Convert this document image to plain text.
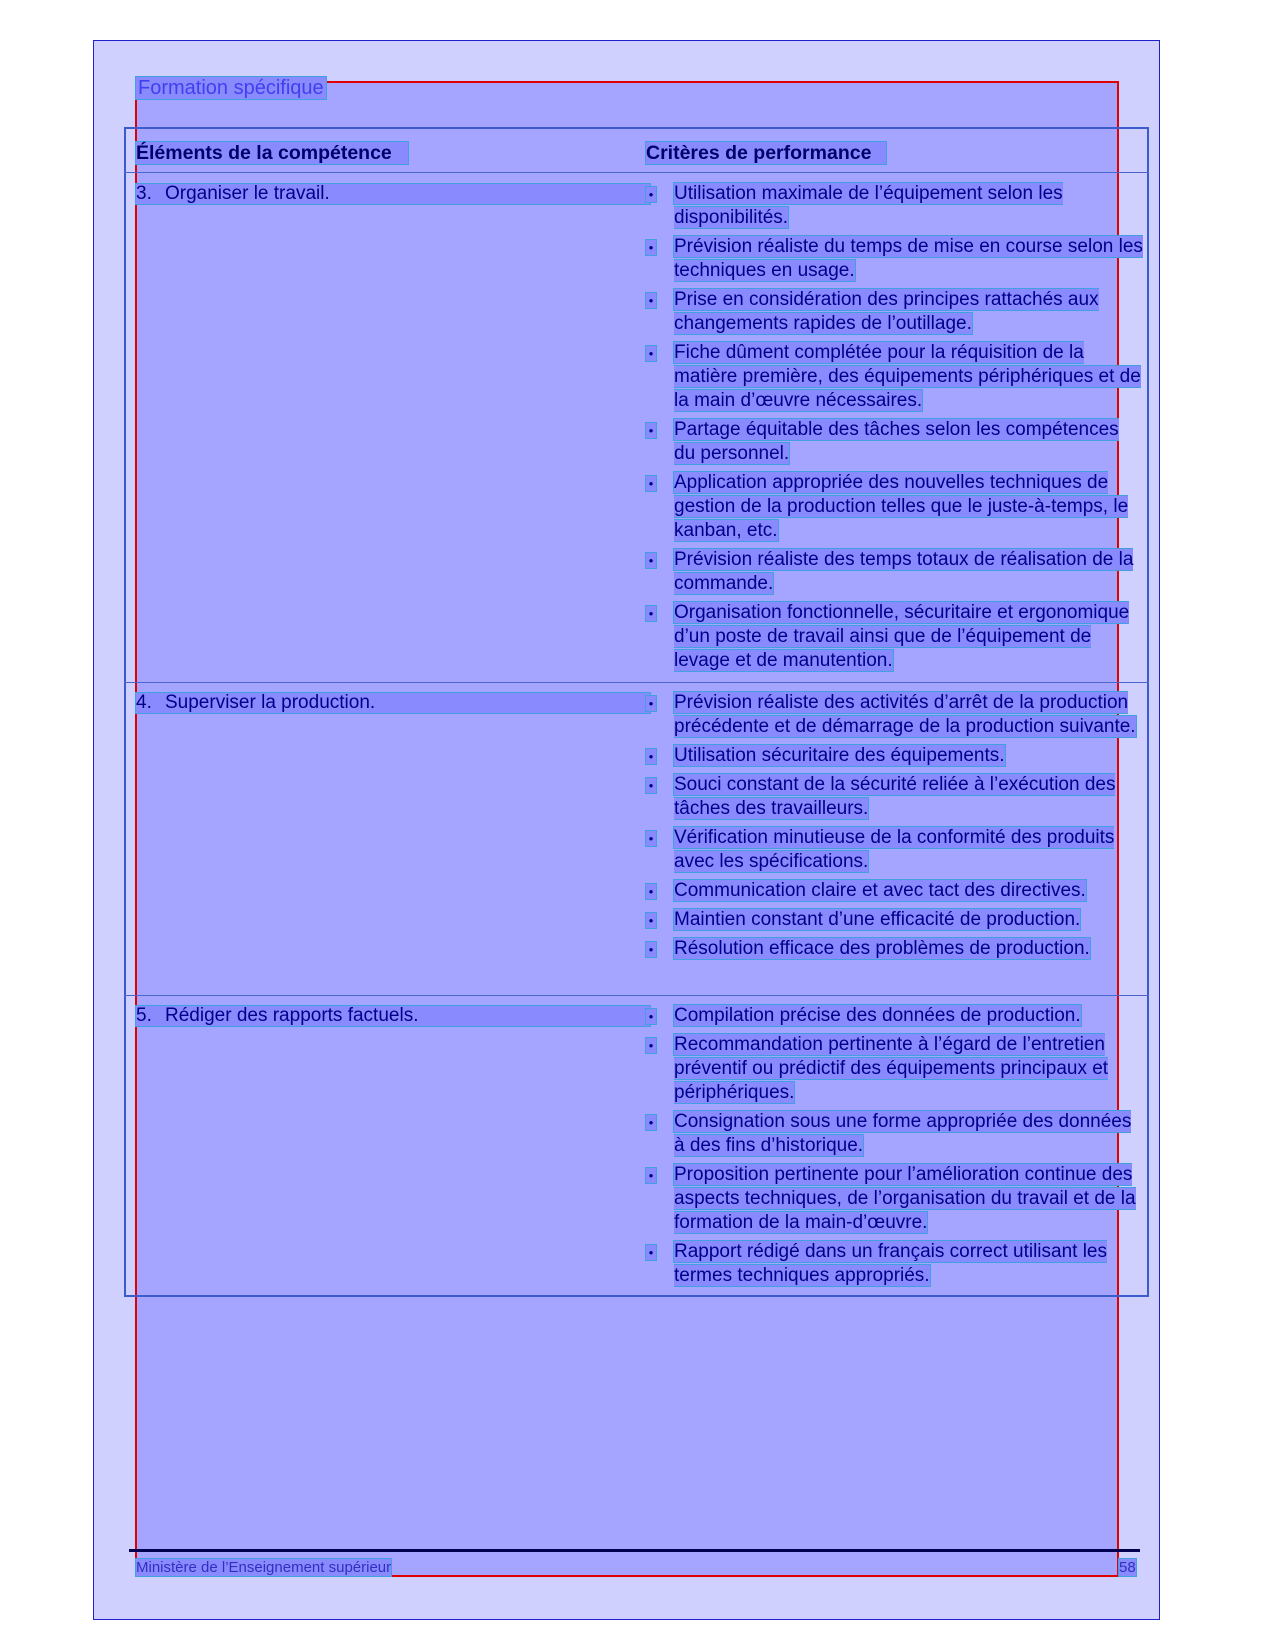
Formation spécifique
Éléments de la compétence	Critères de performance
3. Organiser le travail.	• Utilisation maximale de l’équipement selon les disponibilités.
• Prévision réaliste du temps de mise en course selon les techniques en usage.
• Prise en considération des principes rattachés aux changements rapides de l’outillage.
• Fiche dûment complétée pour la réquisition de la matière première, des équipements périphériques et de la main d’œuvre nécessaires.
• Partage équitable des tâches selon les compétences du personnel.
• Application appropriée des nouvelles techniques de gestion de la production telles que le juste-à-temps, le kanban, etc.
• Prévision réaliste des temps totaux de réalisation de la commande.
• Organisation fonctionnelle, sécuritaire et ergonomique d’un poste de travail ainsi que de l’équipement de levage et de manutention.
4. Superviser la production.	• Prévision réaliste des activités d’arrêt de la production précédente et de démarrage de la production suivante.
• Utilisation sécuritaire des équipements.
• Souci constant de la sécurité reliée à l’exécution des tâches des travailleurs.
• Vérification minutieuse de la conformité des produits avec les spécifications.
• Communication claire et avec tact des directives.
• Maintien constant d’une efficacité de production.
• Résolution efficace des problèmes de production.
5. Rédiger des rapports factuels.	• Compilation précise des données de production.
• Recommandation pertinente à l’égard de l’entretien préventif ou prédictif des équipements principaux et périphériques.
• Consignation sous une forme appropriée des données à des fins d’historique.
• Proposition pertinente pour l’amélioration continue des aspects techniques, de l’organisation du travail et de la formation de la main-d’œuvre.
• Rapport rédigé dans un français correct utilisant les termes techniques appropriés.
Ministère de l’Enseignement supérieur	58
